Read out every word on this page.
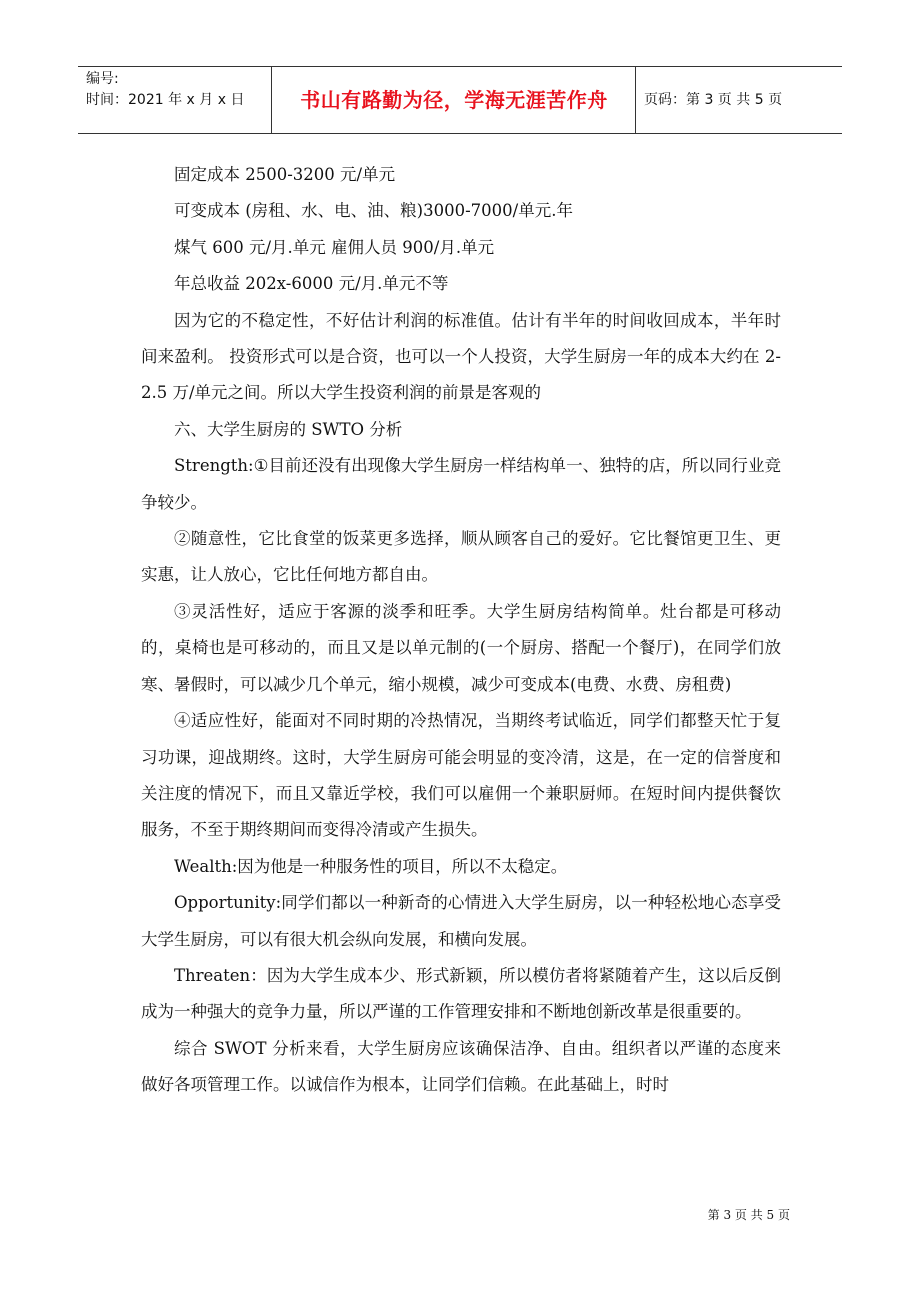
编号:
时间：2021 年 x 月 x 日	书山有路勤为径，学海无涯苦作舟	页码：第 3 页 共 5 页

固定成本 2500-3200 元/单元

可变成本 (房租、水、电、油、粮)3000-7000/单元.年

煤气 600 元/月.单元 雇佣人员 900/月.单元

年总收益 202x-6000 元/月.单元不等

因为它的不稳定性，不好估计利润的标准值。估计有半年的时间收回成本，半年时间来盈利。 投资形式可以是合资，也可以一个人投资，大学生厨房一年的成本大约在 2-2.5 万/单元之间。所以大学生投资利润的前景是客观的

六、大学生厨房的 SWTO 分析

Strength:①目前还没有出现像大学生厨房一样结构单一、独特的店，所以同行业竞争较少。

②随意性，它比食堂的饭菜更多选择，顺从顾客自己的爱好。它比餐馆更卫生、更实惠，让人放心，它比任何地方都自由。

③灵活性好，适应于客源的淡季和旺季。大学生厨房结构简单。灶台都是可移动的，桌椅也是可移动的，而且又是以单元制的(一个厨房、搭配一个餐厅)，在同学们放寒、暑假时，可以减少几个单元，缩小规模，减少可变成本(电费、水费、房租费)

④适应性好，能面对不同时期的冷热情况，当期终考试临近，同学们都整天忙于复习功课，迎战期终。这时，大学生厨房可能会明显的变冷清，这是，在一定的信誉度和关注度的情况下，而且又靠近学校，我们可以雇佣一个兼职厨师。在短时间内提供餐饮服务，不至于期终期间而变得冷清或产生损失。

Wealth:因为他是一种服务性的项目，所以不太稳定。

Opportunity:同学们都以一种新奇的心情进入大学生厨房，以一种轻松地心态享受大学生厨房，可以有很大机会纵向发展，和横向发展。

Threaten：因为大学生成本少、形式新颖，所以模仿者将紧随着产生，这以后反倒成为一种强大的竞争力量，所以严谨的工作管理安排和不断地创新改革是很重要的。

综合 SWOT 分析来看，大学生厨房应该确保洁净、自由。组织者以严谨的态度来做好各项管理工作。以诚信作为根本，让同学们信赖。在此基础上，时时

第 3 页 共 5 页
